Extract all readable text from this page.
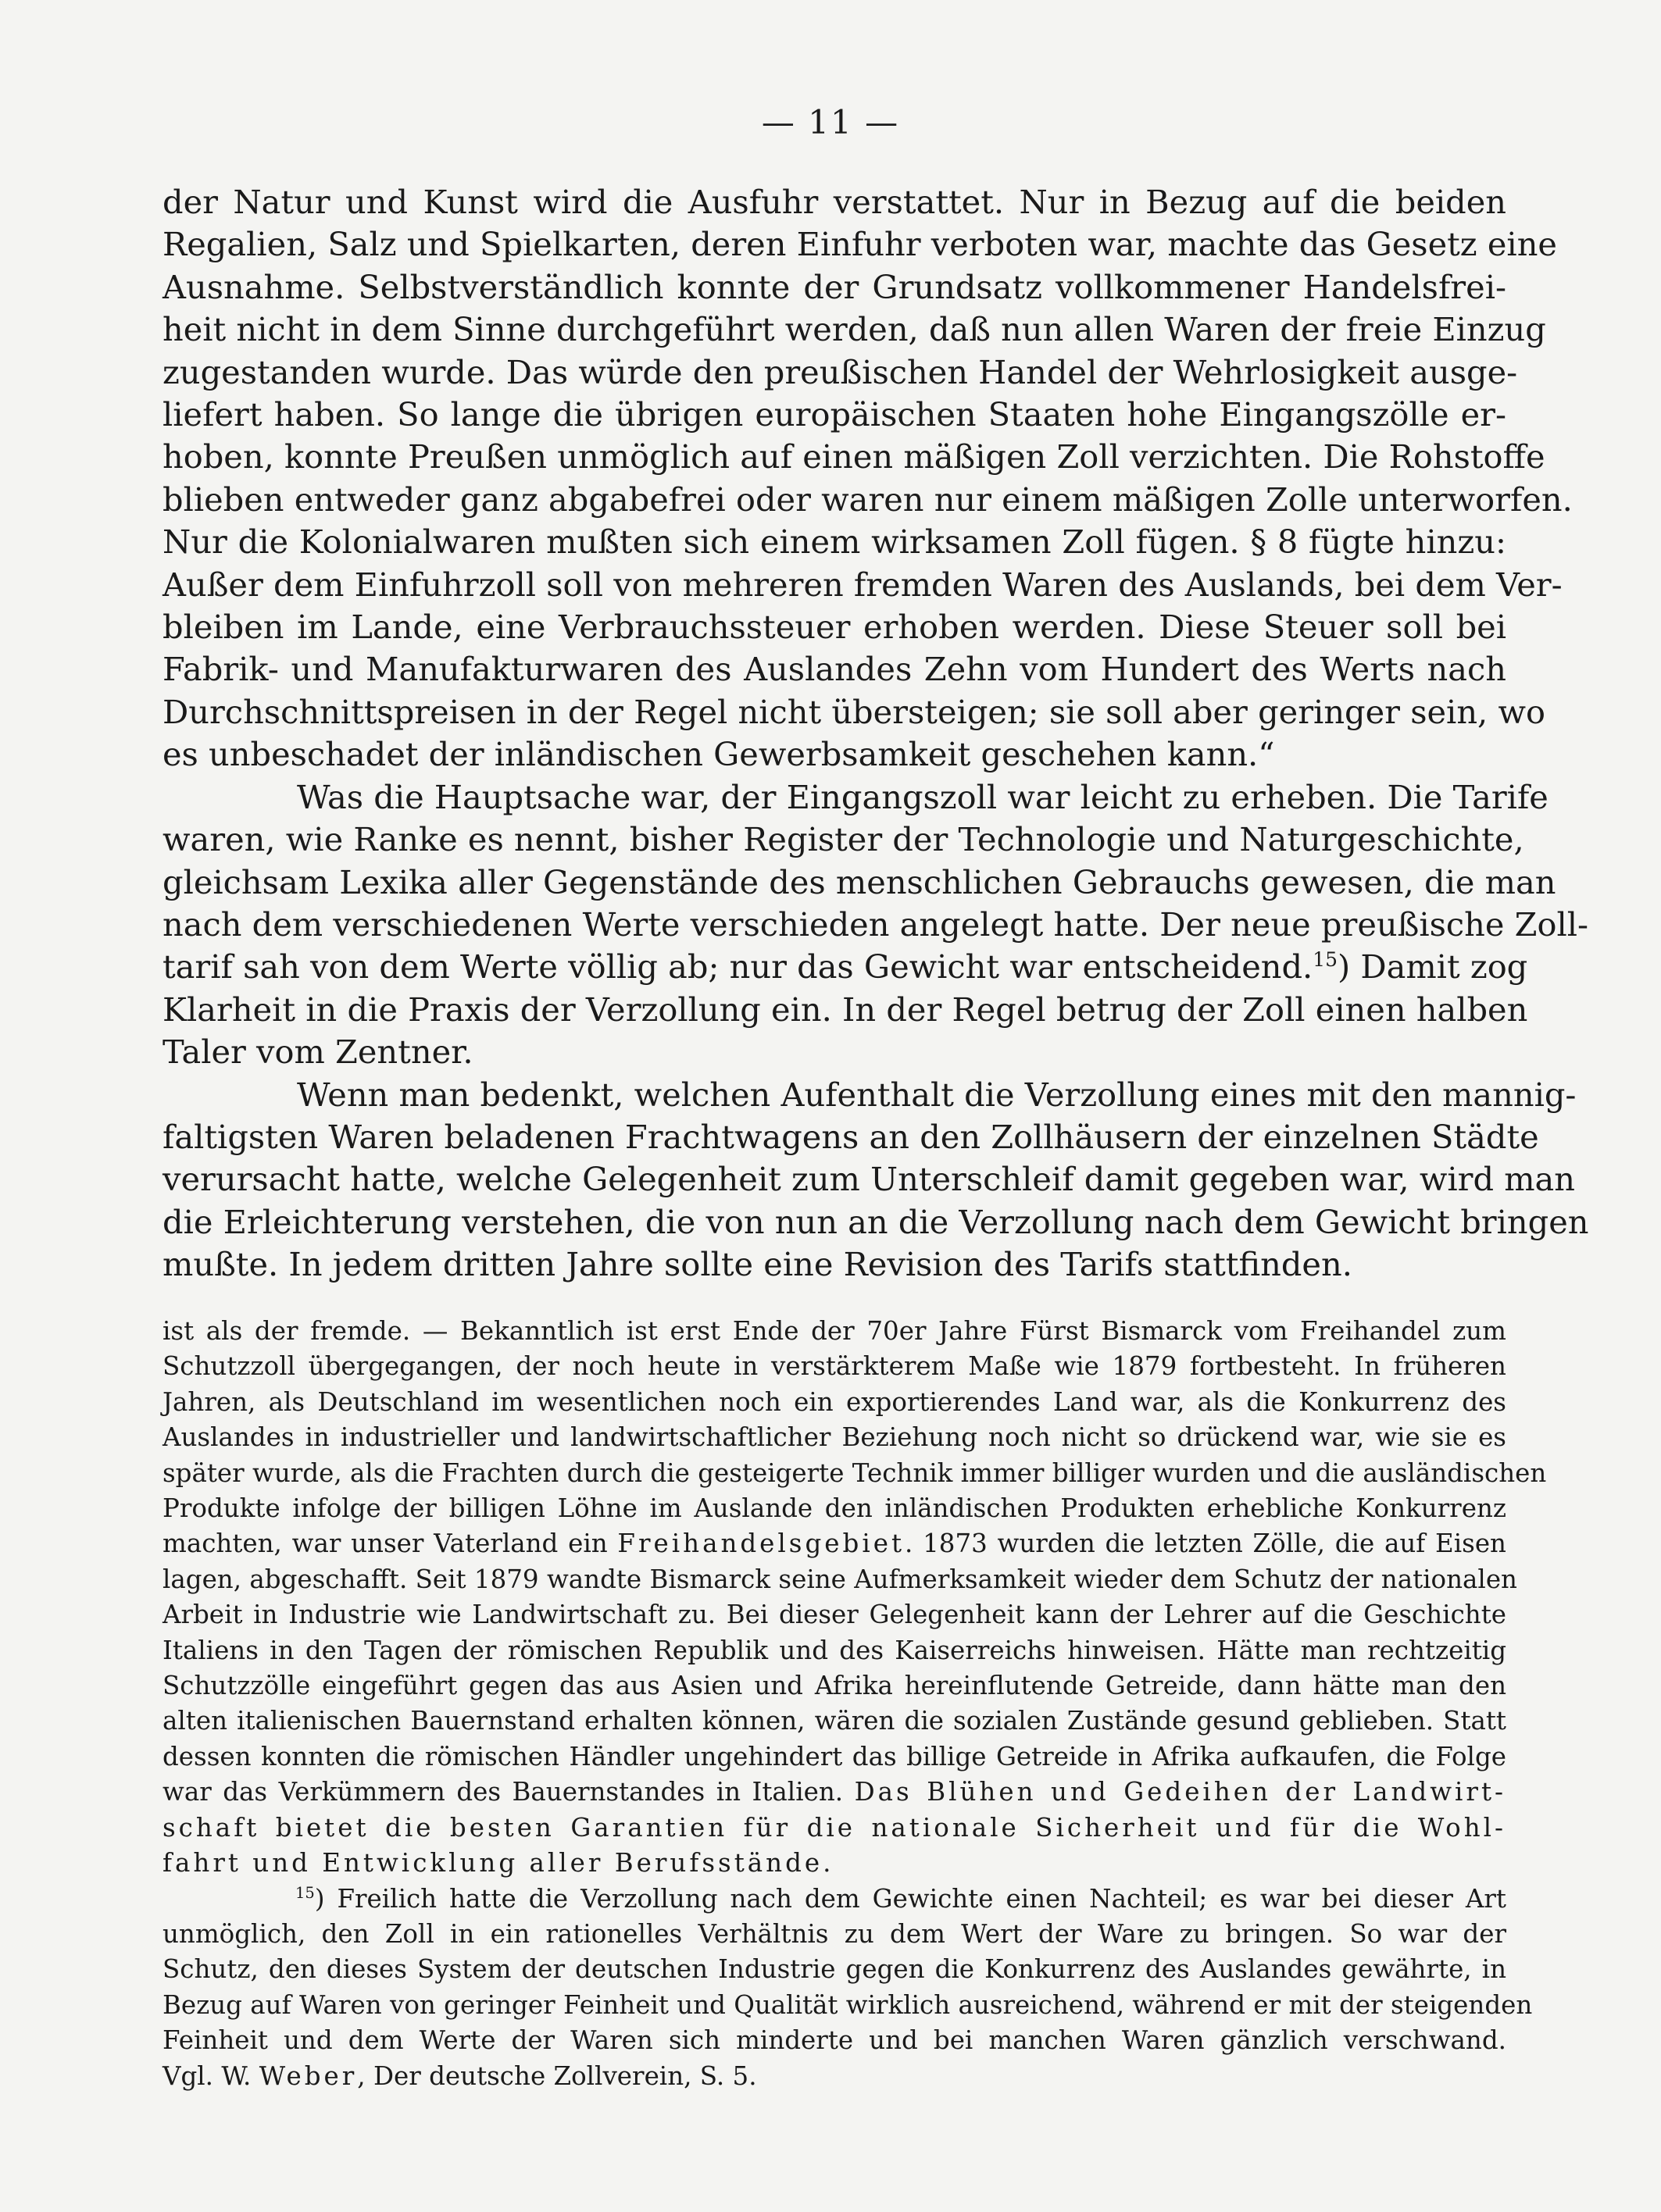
— 11 —

der Natur und Kunst wird die Ausfuhr verstattet. Nur in Bezug auf die beiden

Regalien, Salz und Spielkarten, deren Einfuhr verboten war, machte das Gesetz eine

Ausnahme. Selbstverständlich konnte der Grundsatz vollkommener Handelsfrei-

heit nicht in dem Sinne durchgeführt werden, daß nun allen Waren der freie Einzug

zugestanden wurde. Das würde den preußischen Handel der Wehrlosigkeit ausge-

liefert haben. So lange die übrigen europäischen Staaten hohe Eingangszölle er-

hoben, konnte Preußen unmöglich auf einen mäßigen Zoll verzichten. Die Rohstoffe

blieben entweder ganz abgabefrei oder waren nur einem mäßigen Zolle unterworfen.

Nur die Kolonialwaren mußten sich einem wirksamen Zoll fügen. § 8 fügte hinzu:

Außer dem Einfuhrzoll soll von mehreren fremden Waren des Auslands, bei dem Ver-

bleiben im Lande, eine Verbrauchssteuer erhoben werden. Diese Steuer soll bei

Fabrik- und Manufakturwaren des Auslandes Zehn vom Hundert des Werts nach

Durchschnittspreisen in der Regel nicht übersteigen; sie soll aber geringer sein, wo

es unbeschadet der inländischen Gewerbsamkeit geschehen kann.“

Was die Hauptsache war, der Eingangszoll war leicht zu erheben. Die Tarife

waren, wie Ranke es nennt, bisher Register der Technologie und Naturgeschichte,

gleichsam Lexika aller Gegenstände des menschlichen Gebrauchs gewesen, die man

nach dem verschiedenen Werte verschieden angelegt hatte. Der neue preußische Zoll-

tarif sah von dem Werte völlig ab; nur das Gewicht war entscheidend.$^{15}$) Damit zog

Klarheit in die Praxis der Verzollung ein. In der Regel betrug der Zoll einen halben

Taler vom Zentner.

Wenn man bedenkt, welchen Aufenthalt die Verzollung eines mit den mannig-

faltigsten Waren beladenen Frachtwagens an den Zollhäusern der einzelnen Städte

verursacht hatte, welche Gelegenheit zum Unterschleif damit gegeben war, wird man

die Erleichterung verstehen, die von nun an die Verzollung nach dem Gewicht bringen

mußte. In jedem dritten Jahre sollte eine Revision des Tarifs stattfinden.

ist als der fremde. — Bekanntlich ist erst Ende der 70er Jahre Fürst Bismarck vom Freihandel zum

Schutzzoll übergegangen, der noch heute in verstärkterem Maße wie 1879 fortbesteht. In früheren

Jahren, als Deutschland im wesentlichen noch ein exportierendes Land war, als die Konkurrenz des

Auslandes in industrieller und landwirtschaftlicher Beziehung noch nicht so drückend war, wie sie es

später wurde, als die Frachten durch die gesteigerte Technik immer billiger wurden und die ausländischen

Produkte infolge der billigen Löhne im Auslande den inländischen Produkten erhebliche Konkurrenz

machten, war unser Vaterland ein Freihandelsgebiet. 1873 wurden die letzten Zölle, die auf Eisen

lagen, abgeschafft. Seit 1879 wandte Bismarck seine Aufmerksamkeit wieder dem Schutz der nationalen

Arbeit in Industrie wie Landwirtschaft zu. Bei dieser Gelegenheit kann der Lehrer auf die Geschichte

Italiens in den Tagen der römischen Republik und des Kaiserreichs hinweisen. Hätte man rechtzeitig

Schutzzölle eingeführt gegen das aus Asien und Afrika hereinflutende Getreide, dann hätte man den

alten italienischen Bauernstand erhalten können, wären die sozialen Zustände gesund geblieben. Statt

dessen konnten die römischen Händler ungehindert das billige Getreide in Afrika aufkaufen, die Folge

war das Verkümmern des Bauernstandes in Italien. Das Blühen und Gedeihen der Landwirt-

schaft bietet die besten Garantien für die nationale Sicherheit und für die Wohl-

fahrt und Entwicklung aller Berufsstände.

$^{15}$) Freilich hatte die Verzollung nach dem Gewichte einen Nachteil; es war bei dieser Art

unmöglich, den Zoll in ein rationelles Verhältnis zu dem Wert der Ware zu bringen. So war der

Schutz, den dieses System der deutschen Industrie gegen die Konkurrenz des Auslandes gewährte, in

Bezug auf Waren von geringer Feinheit und Qualität wirklich ausreichend, während er mit der steigenden

Feinheit und dem Werte der Waren sich minderte und bei manchen Waren gänzlich verschwand.

Vgl. W. Weber, Der deutsche Zollverein, S. 5.
